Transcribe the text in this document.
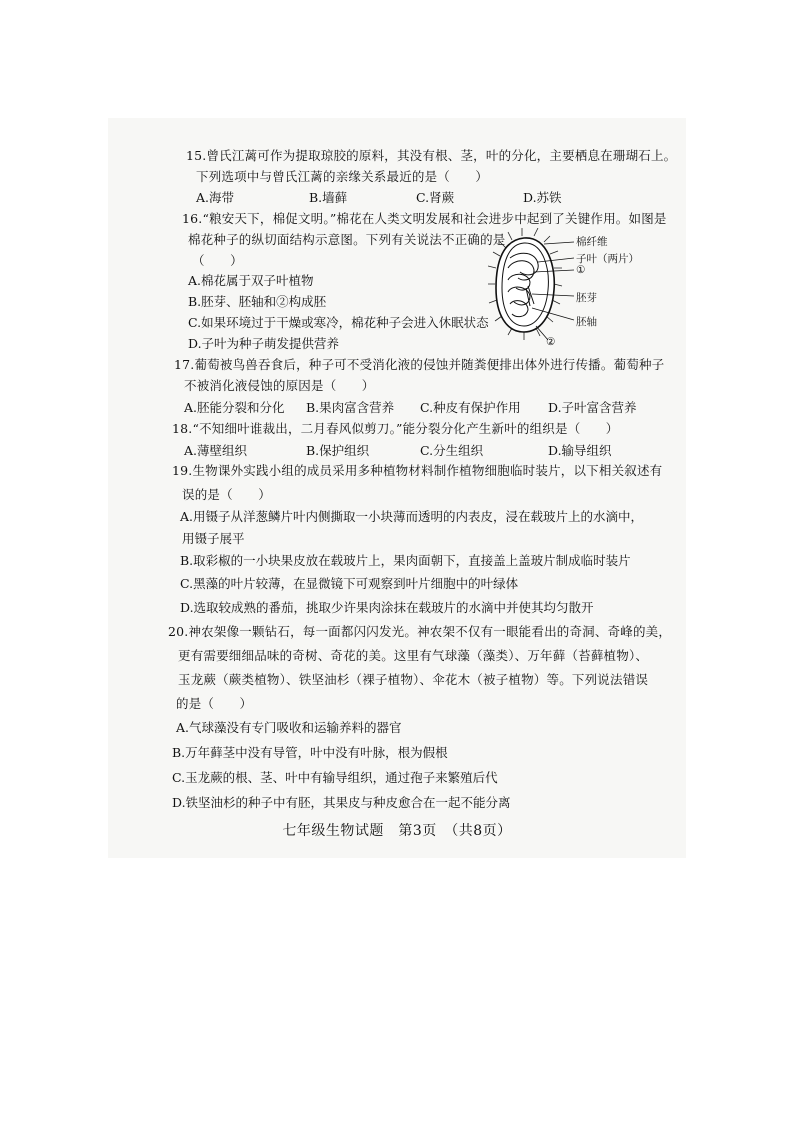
15.曾氏江蓠可作为提取琼胶的原料，其没有根、茎，叶的分化，主要栖息在珊瑚石上。
下列选项中与曾氏江蓠的亲缘关系最近的是（　　）
A.海带	B.墙藓	C.肾蕨	D.苏铁
16.“粮安天下，棉促文明。”棉花在人类文明发展和社会进步中起到了关键作用。如图是
棉花种子的纵切面结构示意图。下列有关说法不正确的是
（　　）
A.棉花属于双子叶植物
B.胚芽、胚轴和②构成胚
C.如果环境过于干燥或寒冷，棉花种子会进入休眠状态
D.子叶为种子萌发提供营养
棉纤维
子叶（两片）
①
胚芽
胚轴
②
17.葡萄被鸟兽吞食后，种子可不受消化液的侵蚀并随粪便排出体外进行传播。葡萄种子
不被消化液侵蚀的原因是（　　）
A.胚能分裂和分化 B.果肉富含营养 C.种皮有保护作用 D.子叶富含营养
18.“不知细叶谁裁出，二月春风似剪刀。”能分裂分化产生新叶的组织是（　　）
A.薄壁组织	B.保护组织	C.分生组织	D.输导组织
19.生物课外实践小组的成员采用多种植物材料制作植物细胞临时装片，以下相关叙述有
误的是（　　）
A.用镊子从洋葱鳞片叶内侧撕取一小块薄而透明的内表皮，浸在载玻片上的水滴中，
用镊子展平
B.取彩椒的一小块果皮放在载玻片上，果肉面朝下，直接盖上盖玻片制成临时装片
C.黑藻的叶片较薄，在显微镜下可观察到叶片细胞中的叶绿体
D.选取较成熟的番茄，挑取少许果肉涂抹在载玻片的水滴中并使其均匀散开
20.神农架像一颗钻石，每一面都闪闪发光。神农架不仅有一眼能看出的奇洞、奇峰的美，
更有需要细细品味的奇树、奇花的美。这里有气球藻（藻类）、万年藓（苔藓植物）、
玉龙蕨（蕨类植物）、铁坚油杉（裸子植物）、伞花木（被子植物）等。下列说法错误
的是（　　）
A.气球藻没有专门吸收和运输养料的器官
B.万年藓茎中没有导管，叶中没有叶脉，根为假根
C.玉龙蕨的根、茎、叶中有输导组织，通过孢子来繁殖后代
D.铁坚油杉的种子中有胚，其果皮与种皮愈合在一起不能分离
七年级生物试题　第3页　（共8页）
